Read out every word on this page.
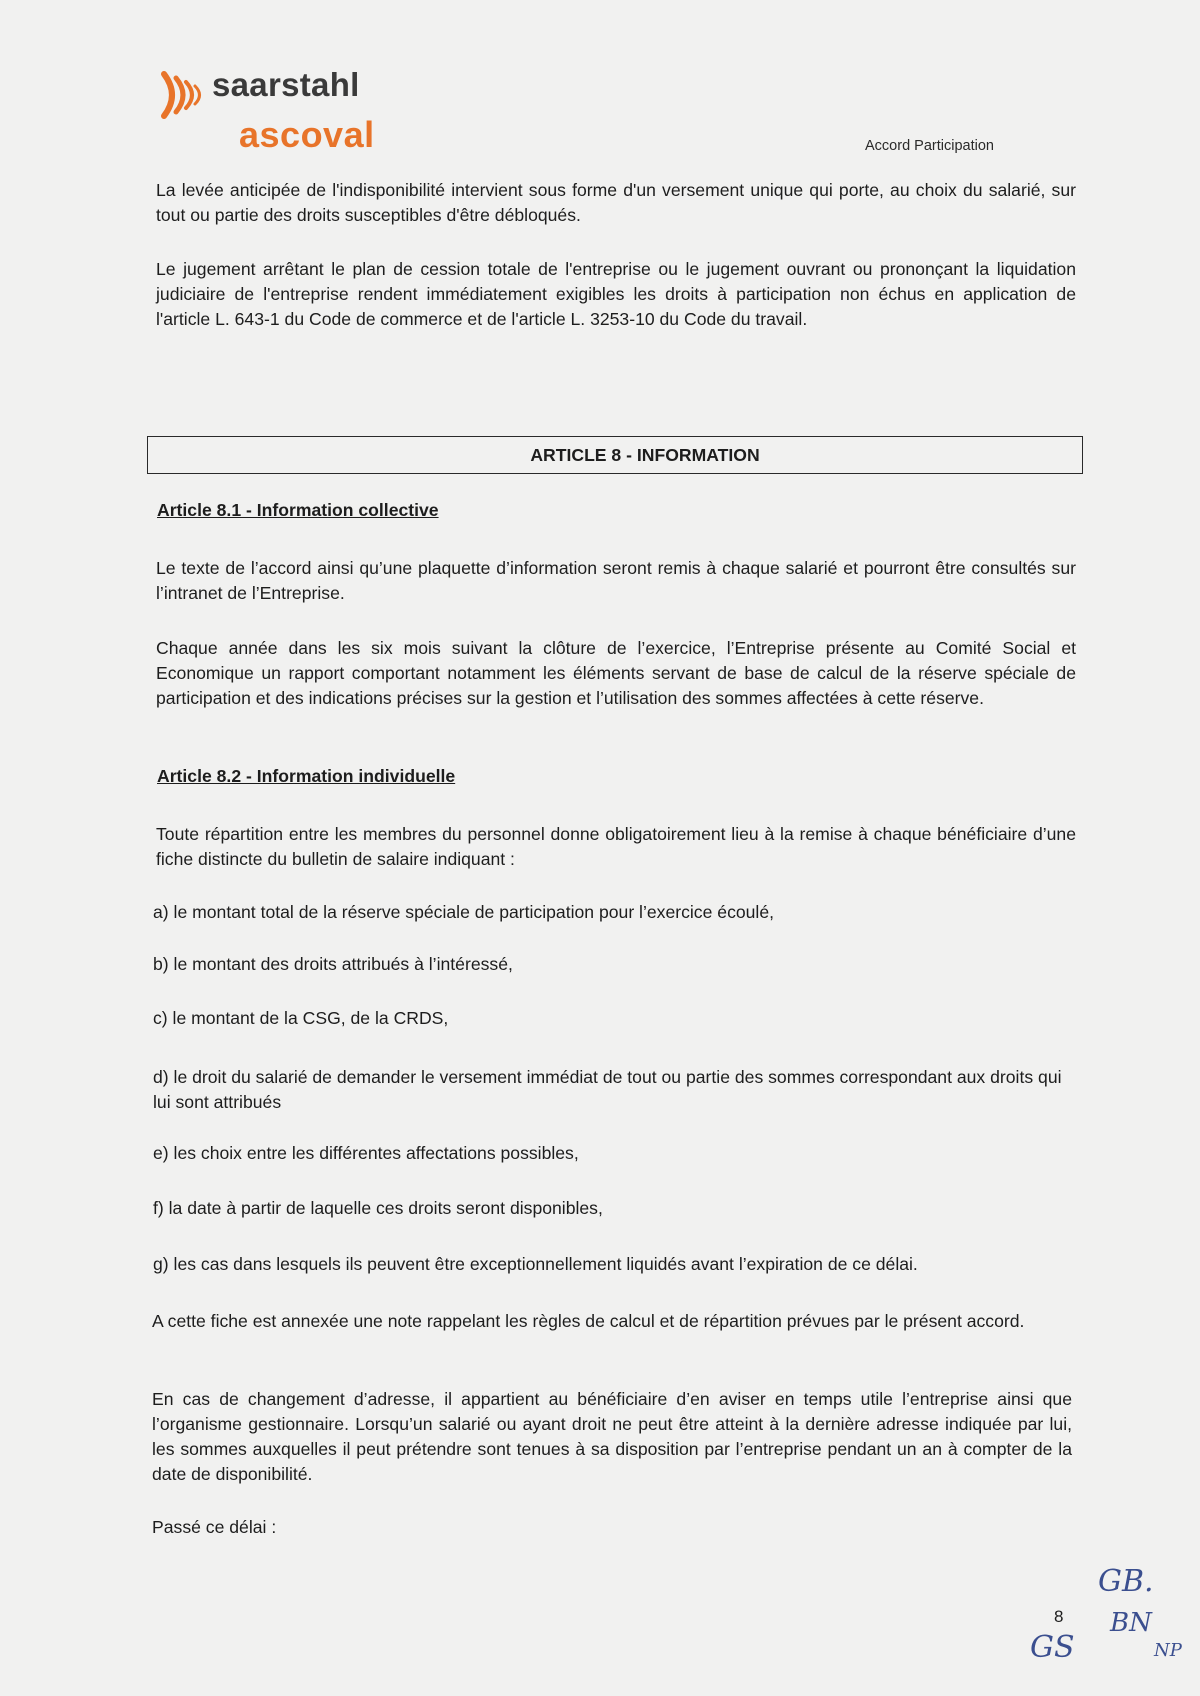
saarstahl
ascoval	Accord Participation

La levée anticipée de l'indisponibilité intervient sous forme d'un versement unique qui porte, au choix du salarié, sur tout ou partie des droits susceptibles d'être débloqués.

Le jugement arrêtant le plan de cession totale de l'entreprise ou le jugement ouvrant ou prononçant la liquidation judiciaire de l'entreprise rendent immédiatement exigibles les droits à participation non échus en application de l'article L. 643-1 du Code de commerce et de l'article L. 3253-10 du Code du travail.

ARTICLE 8 - INFORMATION
Article 8.1 - Information collective

Le texte de l’accord ainsi qu’une plaquette d’information seront remis à chaque salarié et pourront être consultés sur l’intranet de l’Entreprise.

Chaque année dans les six mois suivant la clôture de l’exercice, l’Entreprise présente au Comité Social et Economique un rapport comportant notamment les éléments servant de base de calcul de la réserve spéciale de participation et des indications précises sur la gestion et l’utilisation des sommes affectées à cette réserve.

Article 8.2 - Information individuelle

Toute répartition entre les membres du personnel donne obligatoirement lieu à la remise à chaque bénéficiaire d’une fiche distincte du bulletin de salaire indiquant :

a) le montant total de la réserve spéciale de participation pour l’exercice écoulé,

b) le montant des droits attribués à l’intéressé,

c) le montant de la CSG, de la CRDS,

d) le droit du salarié de demander le versement immédiat de tout ou partie des sommes correspondant aux droits qui lui sont attribués

e) les choix entre les différentes affectations possibles,

f) la date à partir de laquelle ces droits seront disponibles,

g) les cas dans lesquels ils peuvent être exceptionnellement liquidés avant l’expiration de ce délai.

A cette fiche est annexée une note rappelant les règles de calcul et de répartition prévues par le présent accord.

En cas de changement d’adresse, il appartient au bénéficiaire d’en aviser en temps utile l’entreprise ainsi que l’organisme gestionnaire. Lorsqu’un salarié ou ayant droit ne peut être atteint à la dernière adresse indiquée par lui, les sommes auxquelles il peut prétendre sont tenues à sa disposition par l’entreprise pendant un an à compter de la date de disponibilité.

Passé ce délai :

8
GB.
GS
BN
NP
